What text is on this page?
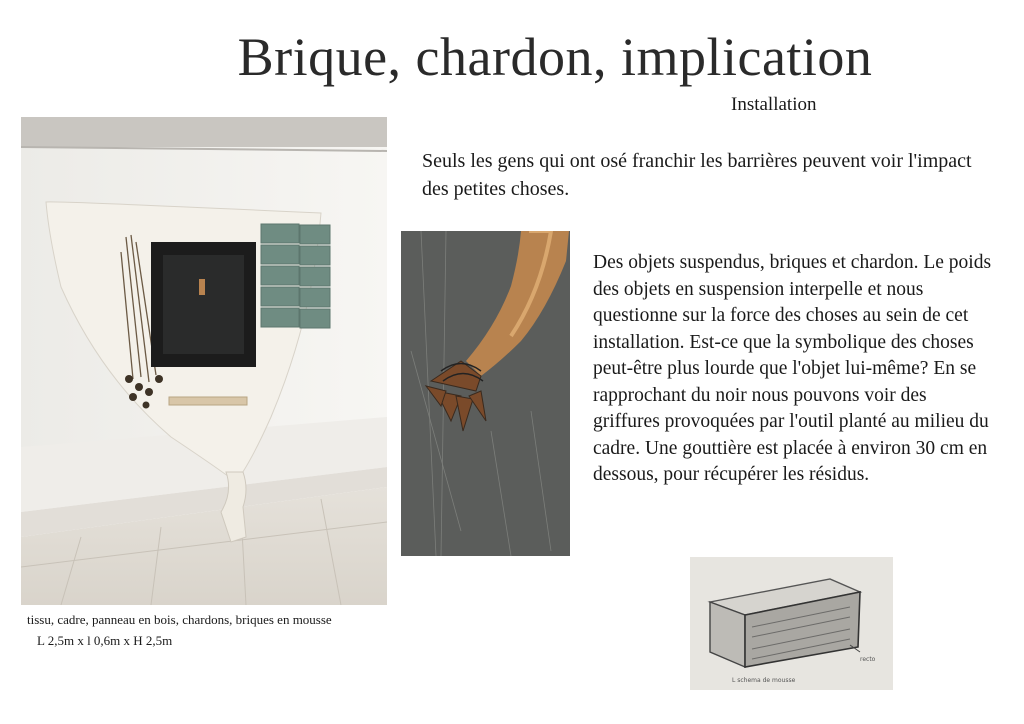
Brique, chardon, implication
Installation
tissu, cadre, panneau en bois, chardons, briques en mousse
L 2,5m x l 0,6m x H 2,5m
Seuls les gens qui ont osé franchir les barrières peuvent voir l'impact des petites choses.
Des objets suspendus, briques et chardon. Le poids des objets en suspension interpelle et nous questionne sur la force des choses au sein de cet installation. Est-ce que la symbolique des choses peut-être plus lourde que l'objet lui-même? En se rapprochant du noir nous pouvons voir des griffures provoquées par l'outil planté au milieu du cadre. Une gouttière est placée à environ 30 cm en dessous, pour récupérer les résidus.
L schema de mousse
recto
